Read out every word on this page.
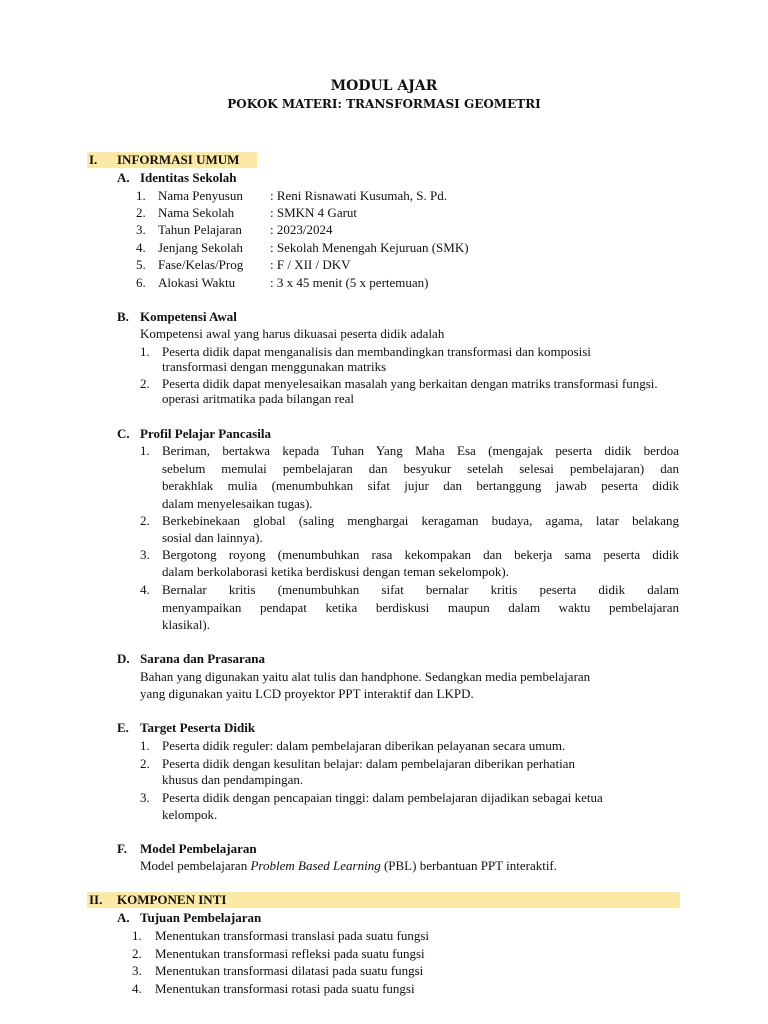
MODUL AJAR
POKOK MATERI: TRANSFORMASI GEOMETRI
I. INFORMASI UMUM
A. Identitas Sekolah
1. Nama Penyusun : Reni Risnawati Kusumah, S. Pd.
2. Nama Sekolah	: SMKN 4 Garut
3. Tahun Pelajaran : 2023/2024
4. Jenjang Sekolah : Sekolah Menengah Kejuruan (SMK)
5. Fase/Kelas/Prog : F / XII / DKV
6. Alokasi Waktu	: 3 x 45 menit (5 x pertemuan)
B. Kompetensi Awal
Kompetensi awal yang harus dikuasai peserta didik adalah
1. Peserta didik dapat menganalisis dan membandingkan transformasi dan komposisi
transformasi dengan menggunakan matriks
2. Peserta didik dapat menyelesaikan masalah yang berkaitan dengan matriks transformasi fungsi.
operasi aritmatika pada bilangan real
C. Profil Pelajar Pancasila
1. Beriman, bertakwa kepada Tuhan Yang Maha Esa (mengajak peserta didik berdoa
sebelum memulai pembelajaran dan besyukur setelah selesai pembelajaran) dan
berakhlak mulia (menumbuhkan sifat jujur dan bertanggung jawab peserta didik
dalam menyelesaikan tugas).
2. Berkebinekaan global (saling menghargai keragaman budaya, agama, latar belakang
sosial dan lainnya).
3. Bergotong royong (menumbuhkan rasa kekompakan dan bekerja sama peserta didik
dalam berkolaborasi ketika berdiskusi dengan teman sekelompok).
4. Bernalar kritis (menumbuhkan sifat bernalar kritis peserta didik dalam
menyampaikan pendapat ketika berdiskusi maupun dalam waktu pembelajaran
klasikal).
D. Sarana dan Prasarana
Bahan yang digunakan yaitu alat tulis dan handphone. Sedangkan media pembelajaran
yang digunakan yaitu LCD proyektor PPT interaktif dan LKPD.
E. Target Peserta Didik
1. Peserta didik reguler: dalam pembelajaran diberikan pelayanan secara umum.
2. Peserta didik dengan kesulitan belajar: dalam pembelajaran diberikan perhatian
khusus dan pendampingan.
3. Peserta didik dengan pencapaian tinggi: dalam pembelajaran dijadikan sebagai ketua
kelompok.
F. Model Pembelajaran
Model pembelajaran Problem Based Learning (PBL) berbantuan PPT interaktif.
II. KOMPONEN INTI
A. Tujuan Pembelajaran
1. Menentukan transformasi translasi pada suatu fungsi
2. Menentukan transformasi refleksi pada suatu fungsi
3. Menentukan transformasi dilatasi pada suatu fungsi
4. Menentukan transformasi rotasi pada suatu fungsi
